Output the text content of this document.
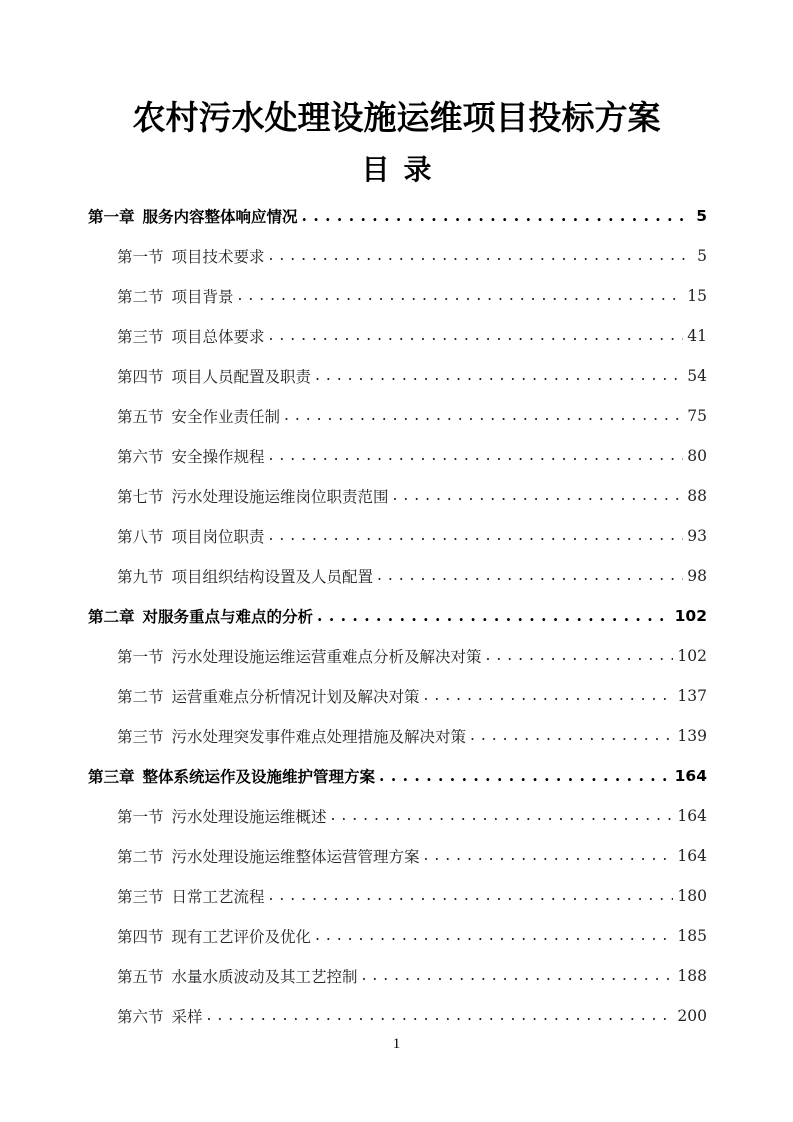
农村污水处理设施运维项目投标方案
目录
第一章 服务内容整体响应情况 . . .	5
第一节 项目技术要求 . . .	5
第二节 项目背景 . . .	15
第三节 项目总体要求 . . .	41
第四节 项目人员配置及职责 . . .	54
第五节 安全作业责任制 . . .	75
第六节 安全操作规程 . . .	80
第七节 污水处理设施运维岗位职责范围 . . .	88
第八节 项目岗位职责 . . .	93
第九节 项目组织结构设置及人员配置 . . .	98
第二章 对服务重点与难点的分析 . . .	102
第一节 污水处理设施运维运营重难点分析及解决对策 . . .	102
第二节 运营重难点分析情况计划及解决对策 . . .	137
第三节 污水处理突发事件难点处理措施及解决对策 . . .	139
第三章 整体系统运作及设施维护管理方案 . . .	164
第一节 污水处理设施运维概述 . . .	164
第二节 污水处理设施运维整体运营管理方案 . . .	164
第三节 日常工艺流程 . . .	180
第四节 现有工艺评价及优化 . . .	185
第五节 水量水质波动及其工艺控制 . . .	188
第六节 采样 . . .	200
1
